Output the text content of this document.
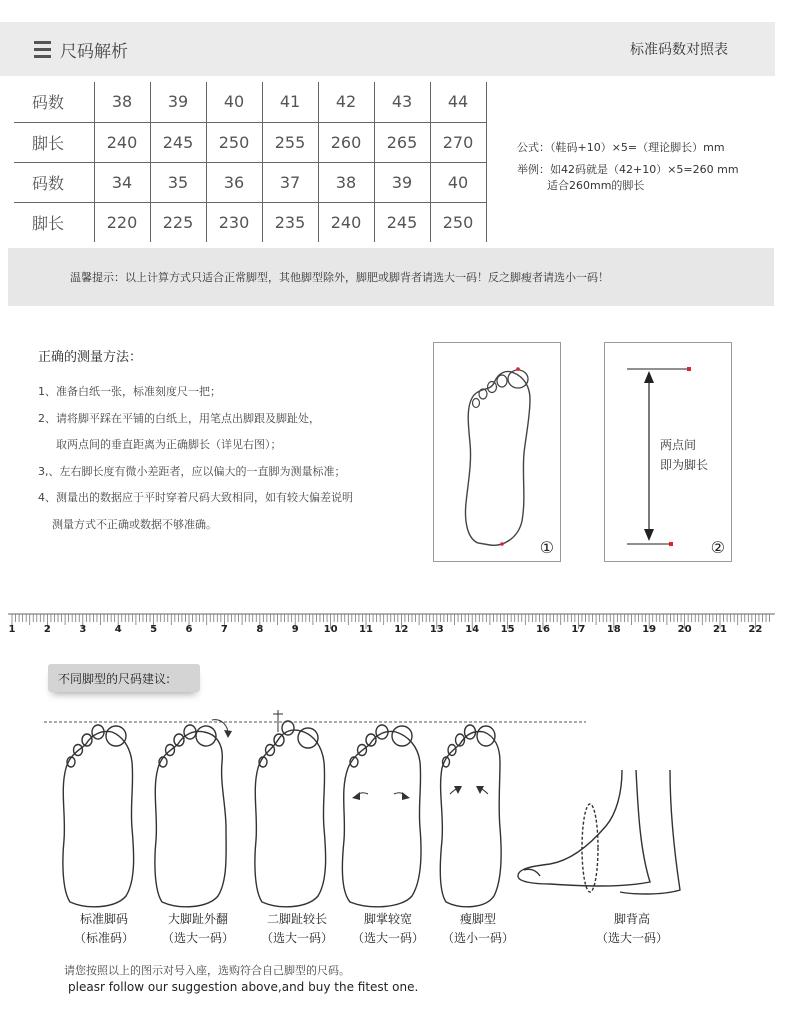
尺码解析	标准码数对照表
码数	38	39	40	41	42	43	44
脚长	240	245	250	255	260	265	270
码数	34	35	36	37	38	39	40
脚长	220	225	230	235	240	245	250
公式：（鞋码+10）×5=（理论脚长）mm
举例：如42码就是（42+10）×5=260 mm
适合260mm的脚长
温馨提示：以上计算方式只适合正常脚型，其他脚型除外，脚肥或脚背者请选大一码！反之脚瘦者请选小一码！
正确的测量方法：

1、准备白纸一张，标准刻度尺一把；

2、请将脚平踩在平铺的白纸上，用笔点出脚跟及脚趾处，

取两点间的垂直距离为正确脚长（详见右图）；

3,、左右脚长度有微小差距者，应以偏大的一直脚为测量标准；

4、测量出的数据应于平时穿着尺码大致相同，如有较大偏差说明

测量方式不正确或数据不够准确。

①
两点间
即为脚长
②
1	2	3	4	5	6	7	8	9 10 11 12 13 14 15 16 17 18 19 20 21 22
不同脚型的尺码建议:
标准脚码
（标准码）
大脚趾外翻
（选大一码）
二脚趾较长
（选大一码）
脚掌较宽
（选大一码）
瘦脚型
（选小一码）
脚背高
（选大一码）
请您按照以上的图示对号入座，选购符合自己脚型的尺码。
pleasr follow our suggestion above,and buy the fitest one.
